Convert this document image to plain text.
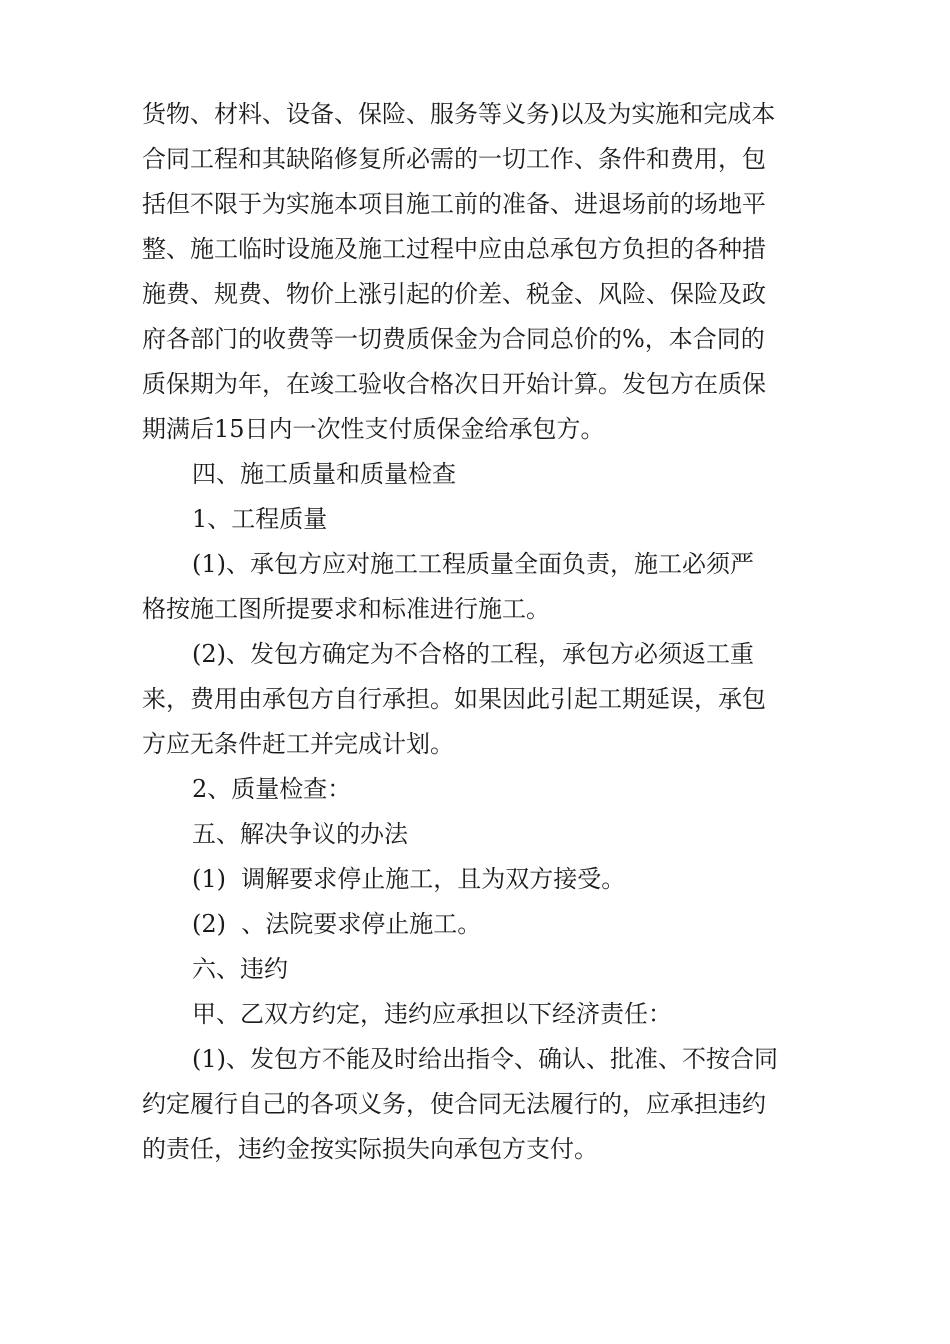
货物、材料、设备、保险、服务等义务)以及为实施和完成本
合同工程和其缺陷修复所必需的一切工作、条件和费用，包
括但不限于为实施本项目施工前的准备、进退场前的场地平
整、施工临时设施及施工过程中应由总承包方负担的各种措
施费、规费、物价上涨引起的价差、税金、风险、保险及政
府各部门的收费等一切费质保金为合同总价的%，本合同的
质保期为年，在竣工验收合格次日开始计算。发包方在质保
期满后15日内一次性支付质保金给承包方。
四、施工质量和质量检查
1、工程质量
(1)、承包方应对施工工程质量全面负责，施工必须严
格按施工图所提要求和标准进行施工。
(2)、发包方确定为不合格的工程，承包方必须返工重
来，费用由承包方自行承担。如果因此引起工期延误，承包
方应无条件赶工并完成计划。
2、质量检查：
五、解决争议的办法
(1)  调解要求停止施工，且为双方接受。
(2)  、法院要求停止施工。
六、违约
甲、乙双方约定，违约应承担以下经济责任：
(1)、发包方不能及时给出指令、确认、批准、不按合同
约定履行自己的各项义务，使合同无法履行的，应承担违约
的责任，违约金按实际损失向承包方支付。
